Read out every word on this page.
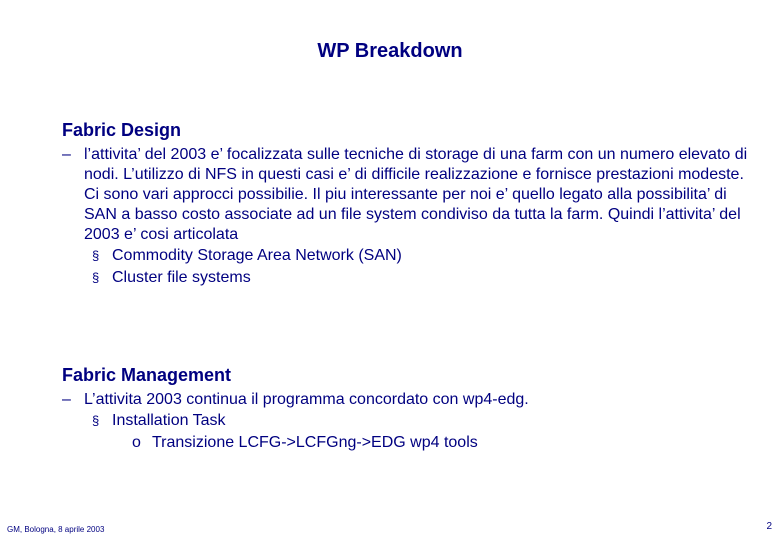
WP Breakdown

Fabric Design

– l’attivita’ del 2003 e’ focalizzata sulle tecniche di storage di una farm con un numero elevato di nodi. L’utilizzo di NFS in questi casi e’ di difficile realizzazione e fornisce prestazioni modeste. Ci sono vari approcci possibilie. Il piu interessante per noi e’ quello legato alla possibilita’ di SAN a basso costo associate ad un file system condiviso da tutta la farm. Quindi l’attivita’ del 2003 e’ cosi articolata
§ Commodity Storage Area Network (SAN)
§ Cluster file systems

Fabric Management

– L’attivita 2003 continua il programma concordato con wp4-edg.
§ Installation Task
o Transizione LCFG->LCFGng->EDG wp4 tools
GM, Bologna, 8 aprile 2003	2
